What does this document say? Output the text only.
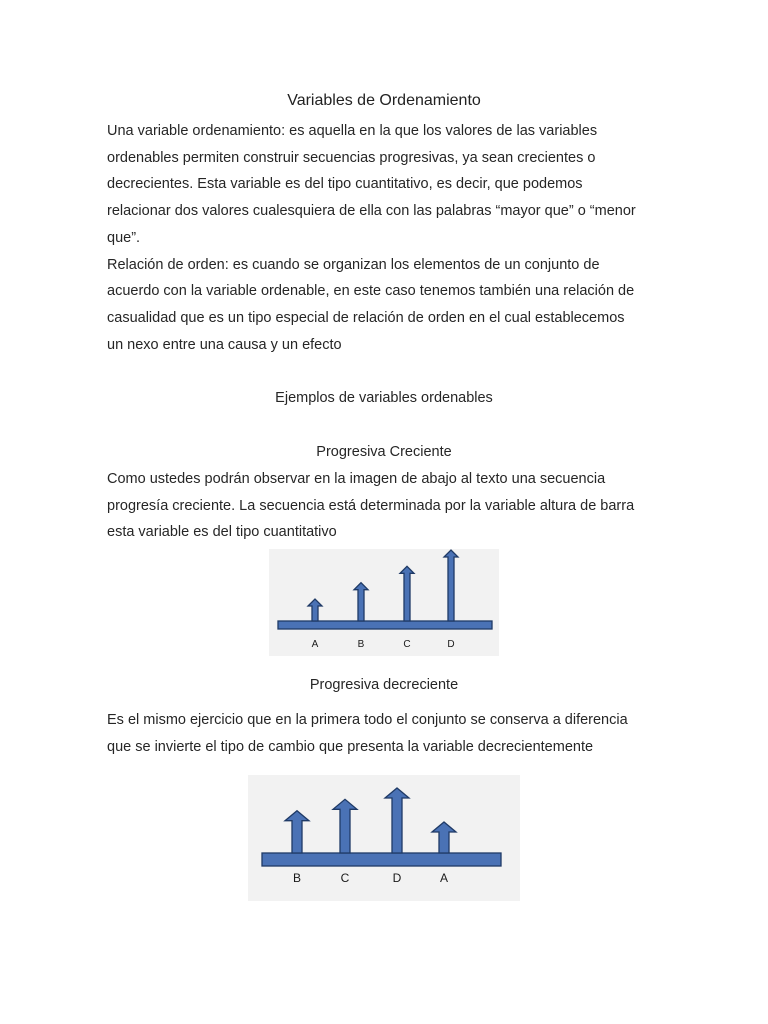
Variables de Ordenamiento
Una variable ordenamiento: es aquella en la que los valores de las variables
ordenables permiten construir secuencias progresivas, ya sean crecientes o
decrecientes. Esta variable es del tipo cuantitativo, es decir, que podemos
relacionar dos valores cualesquiera de ella con las palabras “mayor que” o “menor
que”.
Relación de orden: es cuando se organizan los elementos de un conjunto de
acuerdo con la variable ordenable, en este caso tenemos también una relación de
casualidad que es un tipo especial de relación de orden en el cual establecemos
un nexo entre una causa y un efecto
Ejemplos de variables ordenables
Progresiva Creciente
Como ustedes podrán observar en la imagen de abajo al texto una secuencia
progresía creciente. La secuencia está determinada por la variable altura de barra
esta variable es del tipo cuantitativo
A	B	C	D
Progresiva decreciente
Es el mismo ejercicio que en la primera todo el conjunto se conserva a diferencia
que se invierte el tipo de cambio que presenta la variable decrecientemente
B	C	D	A
